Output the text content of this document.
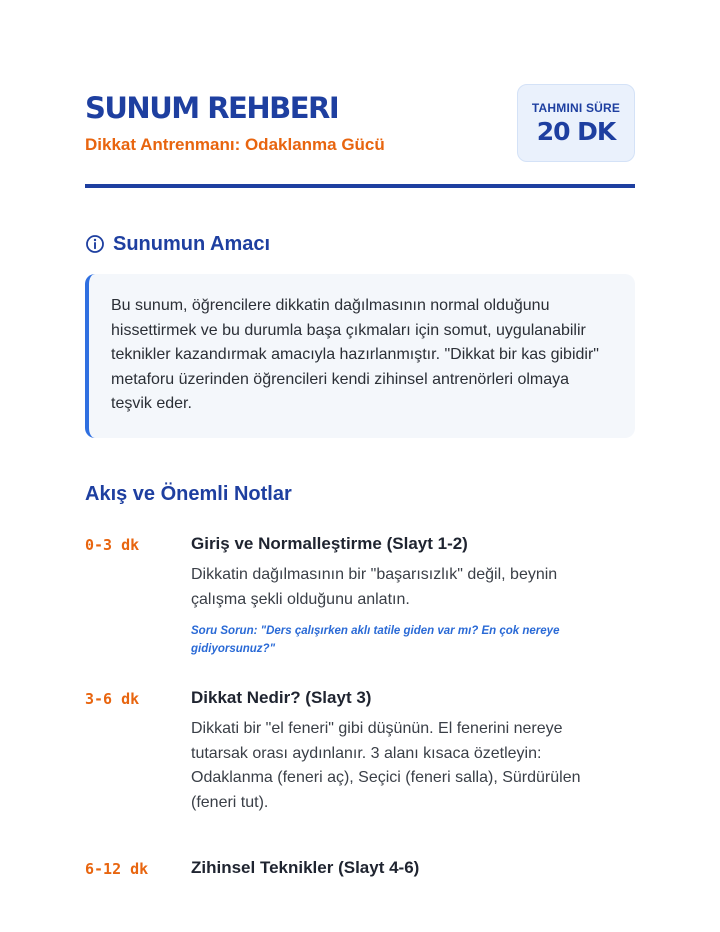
SUNUM REHBERI
Dikkat Antrenmanı: Odaklanma Gücü
TAHMINI SÜRE
20 DK
Sunumun Amacı
Bu sunum, öğrencilere dikkatin dağılmasının normal olduğunu hissettirmek ve bu durumla başa çıkmaları için somut, uygulanabilir teknikler kazandırmak amacıyla hazırlanmıştır. "Dikkat bir kas gibidir" metaforu üzerinden öğrencileri kendi zihinsel antrenörleri olmaya teşvik eder.
Akış ve Önemli Notlar
0-3 dk	Giriş ve Normalleştirme (Slayt 1-2)
Dikkatin dağılmasının bir "başarısızlık" değil, beynin çalışma şekli olduğunu anlatın.
Soru Sorun: "Ders çalışırken aklı tatile giden var mı? En çok nereye gidiyorsunuz?"
3-6 dk	Dikkat Nedir? (Slayt 3)
Dikkati bir "el feneri" gibi düşünün. El fenerini nereye tutarsak orası aydınlanır. 3 alanı kısaca özetleyin: Odaklanma (feneri aç), Seçici (feneri salla), Sürdürülen (feneri tut).
6-12 dk	Zihinsel Teknikler (Slayt 4-6)
